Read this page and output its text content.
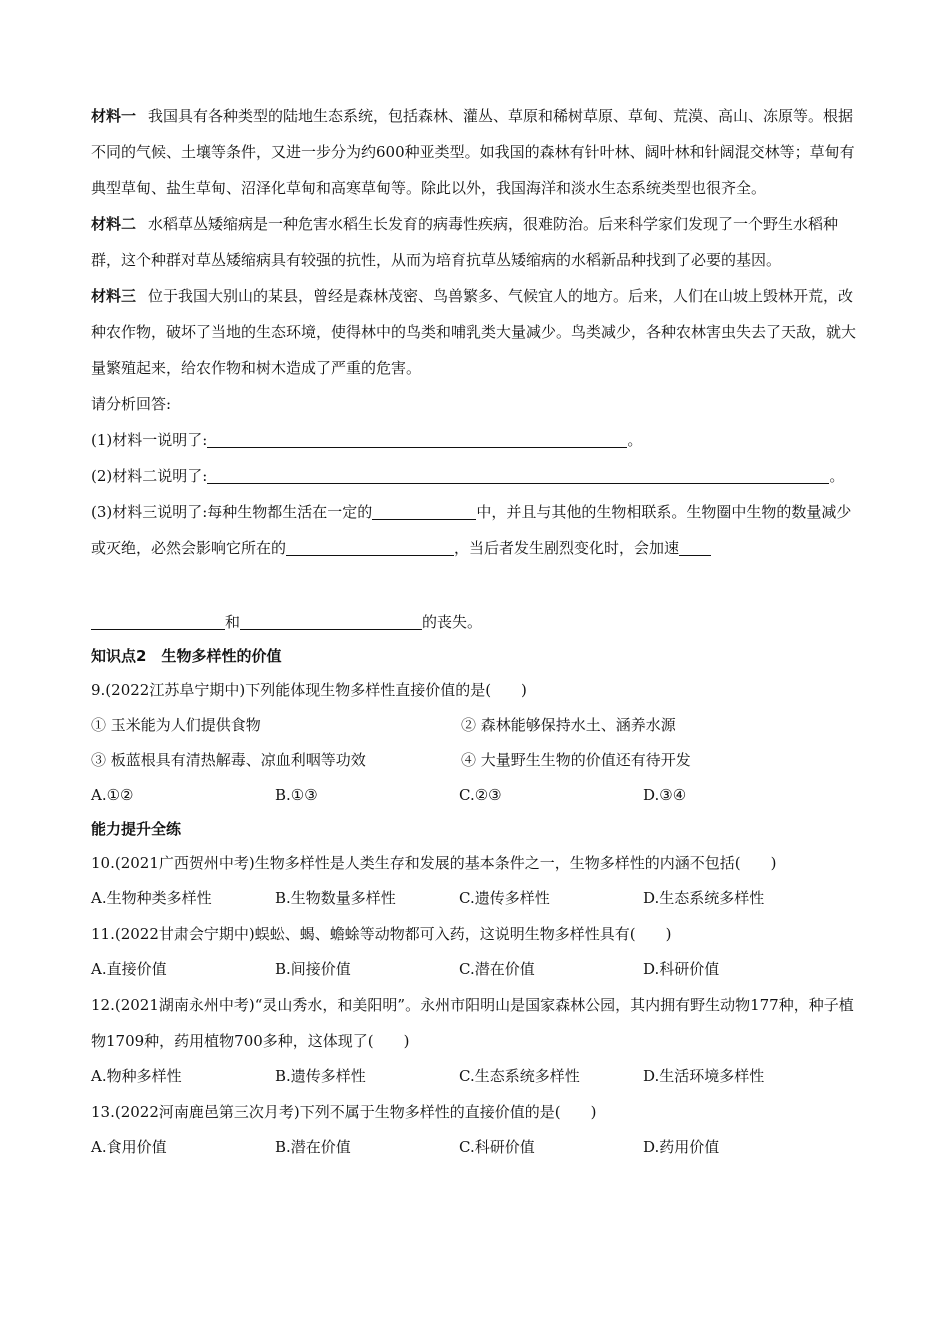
材料一 我国具有各种类型的陆地生态系统，包括森林、灌丛、草原和稀树草原、草甸、荒漠、高山、冻原等。根据不同的气候、土壤等条件，又进一步分为约600种亚类型。如我国的森林有针叶林、阔叶林和针阔混交林等；草甸有典型草甸、盐生草甸、沼泽化草甸和高寒草甸等。除此以外，我国海洋和淡水生态系统类型也很齐全。

材料二 水稻草丛矮缩病是一种危害水稻生长发育的病毒性疾病，很难防治。后来科学家们发现了一个野生水稻种群，这个种群对草丛矮缩病具有较强的抗性，从而为培育抗草丛矮缩病的水稻新品种找到了必要的基因。

材料三 位于我国大别山的某县，曾经是森林茂密、鸟兽繁多、气候宜人的地方。后来，人们在山坡上毁林开荒，改种农作物，破坏了当地的生态环境，使得林中的鸟类和哺乳类大量减少。鸟类减少，各种农林害虫失去了天敌，就大量繁殖起来，给农作物和树木造成了严重的危害。

请分析回答:

(1)材料一说明了:	。

(2)材料二说明了:	。

(3)材料三说明了:每种生物都生活在一定的	中，并且与其他的生物相联系。生物圈中生物的数量减少或灭绝，必然会影响它所在的	，当后者发生剧烈变化时，会加速

和	的丧失。

知识点2　生物多样性的价值

9.(2022江苏阜宁期中)下列能体现生物多样性直接价值的是(　　)

① 玉米能为人们提供食物	② 森林能够保持水土、涵养水源
③ 板蓝根具有清热解毒、凉血利咽等功效	④ 大量野生生物的价值还有待开发
A.①②	B.①③	C.②③	D.③④

能力提升全练

10.(2021广西贺州中考)生物多样性是人类生存和发展的基本条件之一，生物多样性的内涵不包括(　　)

A.生物种类多样性	B.生物数量多样性	C.遗传多样性	D.生态系统多样性

11.(2022甘肃会宁期中)蜈蚣、蝎、蟾蜍等动物都可入药，这说明生物多样性具有(　　)

A.直接价值	B.间接价值	C.潜在价值	D.科研价值

12.(2021湖南永州中考)“灵山秀水，和美阳明”。永州市阳明山是国家森林公园，其内拥有野生动物177种，种子植物1709种，药用植物700多种，这体现了(　　)

A.物种多样性	B.遗传多样性	C.生态系统多样性	D.生活环境多样性

13.(2022河南鹿邑第三次月考)下列不属于生物多样性的直接价值的是(　　)

A.食用价值	B.潜在价值	C.科研价值	D.药用价值
